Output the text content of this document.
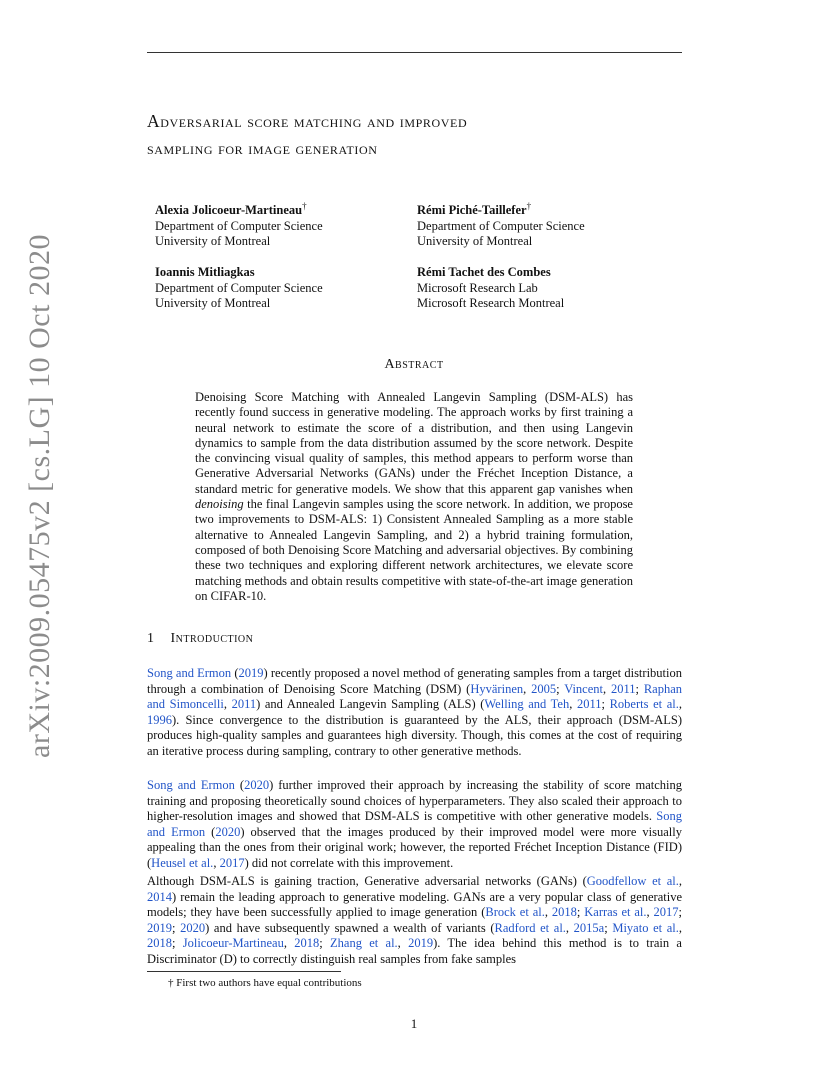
arXiv:2009.05475v2 [cs.LG] 10 Oct 2020
Adversarial score matching and improved
sampling for image generation
Alexia Jolicoeur-Martineau†
Department of Computer Science
University of Montreal
Rémi Piché-Taillefer†
Department of Computer Science
University of Montreal
Ioannis Mitliagkas
Department of Computer Science
University of Montreal
Rémi Tachet des Combes
Microsoft Research Lab
Microsoft Research Montreal
Abstract

Denoising Score Matching with Annealed Langevin Sampling (DSM-ALS) has recently found success in generative modeling. The approach works by first training a neural network to estimate the score of a distribution, and then using Langevin dynamics to sample from the data distribution assumed by the score network. Despite the convincing visual quality of samples, this method appears to perform worse than Generative Adversarial Networks (GANs) under the Fréchet Inception Distance, a standard metric for generative models. We show that this apparent gap vanishes when denoising the final Langevin samples using the score network. In addition, we propose two improvements to DSM-ALS: 1) Consistent Annealed Sampling as a more stable alternative to Annealed Langevin Sampling, and 2) a hybrid training formulation, composed of both Denoising Score Matching and adversarial objectives. By combining these two techniques and exploring different network architectures, we elevate score matching methods and obtain results competitive with state-of-the-art image generation on CIFAR-10.

1 Introduction

Song and Ermon (2019) recently proposed a novel method of generating samples from a target distribution through a combination of Denoising Score Matching (DSM) (Hyvärinen, 2005; Vincent, 2011; Raphan and Simoncelli, 2011) and Annealed Langevin Sampling (ALS) (Welling and Teh, 2011; Roberts et al., 1996). Since convergence to the distribution is guaranteed by the ALS, their approach (DSM-ALS) produces high-quality samples and guarantees high diversity. Though, this comes at the cost of requiring an iterative process during sampling, contrary to other generative methods.

Song and Ermon (2020) further improved their approach by increasing the stability of score matching training and proposing theoretically sound choices of hyperparameters. They also scaled their approach to higher-resolution images and showed that DSM-ALS is competitive with other generative models. Song and Ermon (2020) observed that the images produced by their improved model were more visually appealing than the ones from their original work; however, the reported Fréchet Inception Distance (FID) (Heusel et al., 2017) did not correlate with this improvement.

Although DSM-ALS is gaining traction, Generative adversarial networks (GANs) (Goodfellow et al., 2014) remain the leading approach to generative modeling. GANs are a very popular class of generative models; they have been successfully applied to image generation (Brock et al., 2018; Karras et al., 2017; 2019; 2020) and have subsequently spawned a wealth of variants (Radford et al., 2015a; Miyato et al., 2018; Jolicoeur-Martineau, 2018; Zhang et al., 2019). The idea behind this method is to train a Discriminator (D) to correctly distinguish real samples from fake samples

† First two authors have equal contributions

1
